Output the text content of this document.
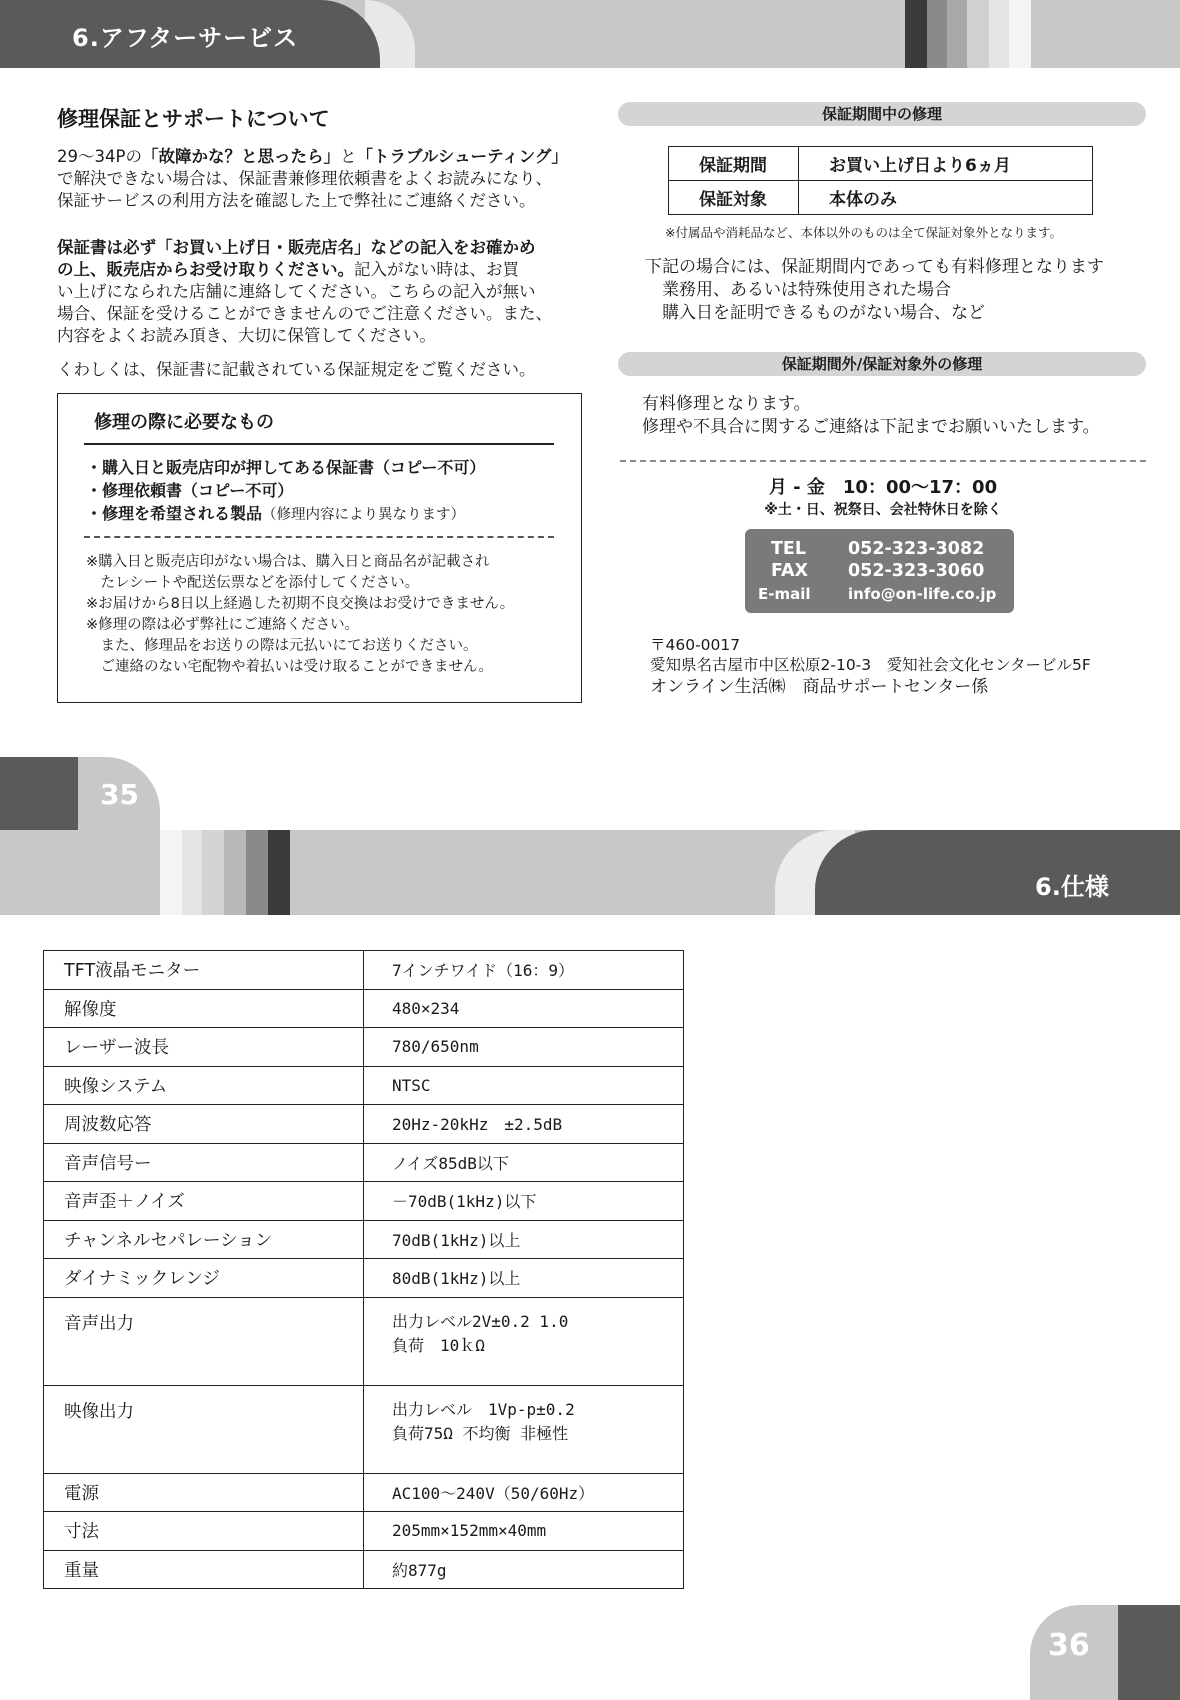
6.アフターサービス
修理保証とサポートについて

29～34Pの「故障かな？と思ったら」と「トラブルシューティング」

で解決できない場合は、保証書兼修理依頼書をよくお読みになり、

保証サービスの利用方法を確認した上で弊社にご連絡ください。

保証書は必ず「お買い上げ日・販売店名」などの記入をお確かめ

の上、販売店からお受け取りください。記入がない時は、お買

い上げになられた店舗に連絡してください。こちらの記入が無い

場合、保証を受けることができませんのでご注意ください。また、

内容をよくお読み頂き、大切に保管してください。

くわしくは、保証書に記載されている保証規定をご覧ください。

修理の際に必要なもの
・購入日と販売店印が押してある保証書（コピー不可）
・修理依頼書（コピー不可）
・修理を希望される製品（修理内容により異なります）
※購入日と販売店印がない場合は、購入日と商品名が記載され
　たレシートや配送伝票などを添付してください。
※お届けから8日以上経過した初期不良交換はお受けできません。
※修理の際は必ず弊社にご連絡ください。
　また、修理品をお送りの際は元払いにてお送りください。
　ご連絡のない宅配物や着払いは受け取ることができません。
保証期間中の修理
保証期間	お買い上げ日より6ヵ月
保証対象	本体のみ
※付属品や消耗品など、本体以外のものは全て保証対象外となります。
下記の場合には、保証期間内であっても有料修理となります
　業務用、あるいは特殊使用された場合
　購入日を証明できるものがない場合、など
保証期間外/保証対象外の修理
有料修理となります。
修理や不具合に関するご連絡は下記までお願いいたします。
月 - 金　10：00～17：00
※土・日、祝祭日、会社特休日を除く
TEL 052-323-3082
FAX 052-323-3060
E-mail info@on-life.co.jp
〒460-0017
愛知県名古屋市中区松原2-10-3　愛知社会文化センタービル5F
オンライン生活㈱　商品サポートセンター係
35
6.仕様
TFT液晶モニター	7インチワイド（16：9）

解像度	480×234

レーザー波長	780/650nm

映像システム	NTSC

周波数応答	20Hz-20kHz　±2.5dB

音声信号ー	ノイズ85dB以下

音声歪＋ノイズ	－70dB(1kHz)以下

チャンネルセパレーション	70dB(1kHz)以上

ダイナミックレンジ	80dB(1kHz)以上

音声出力	出力レベル2V±0.2 1.0
負荷　10ｋΩ

映像出力	出力レベル　1Vp-p±0.2
負荷75Ω 不均衡 非極性

電源	AC100～240V（50/60Hz）

寸法	205mm×152mm×40mm

重量	約877g
36
